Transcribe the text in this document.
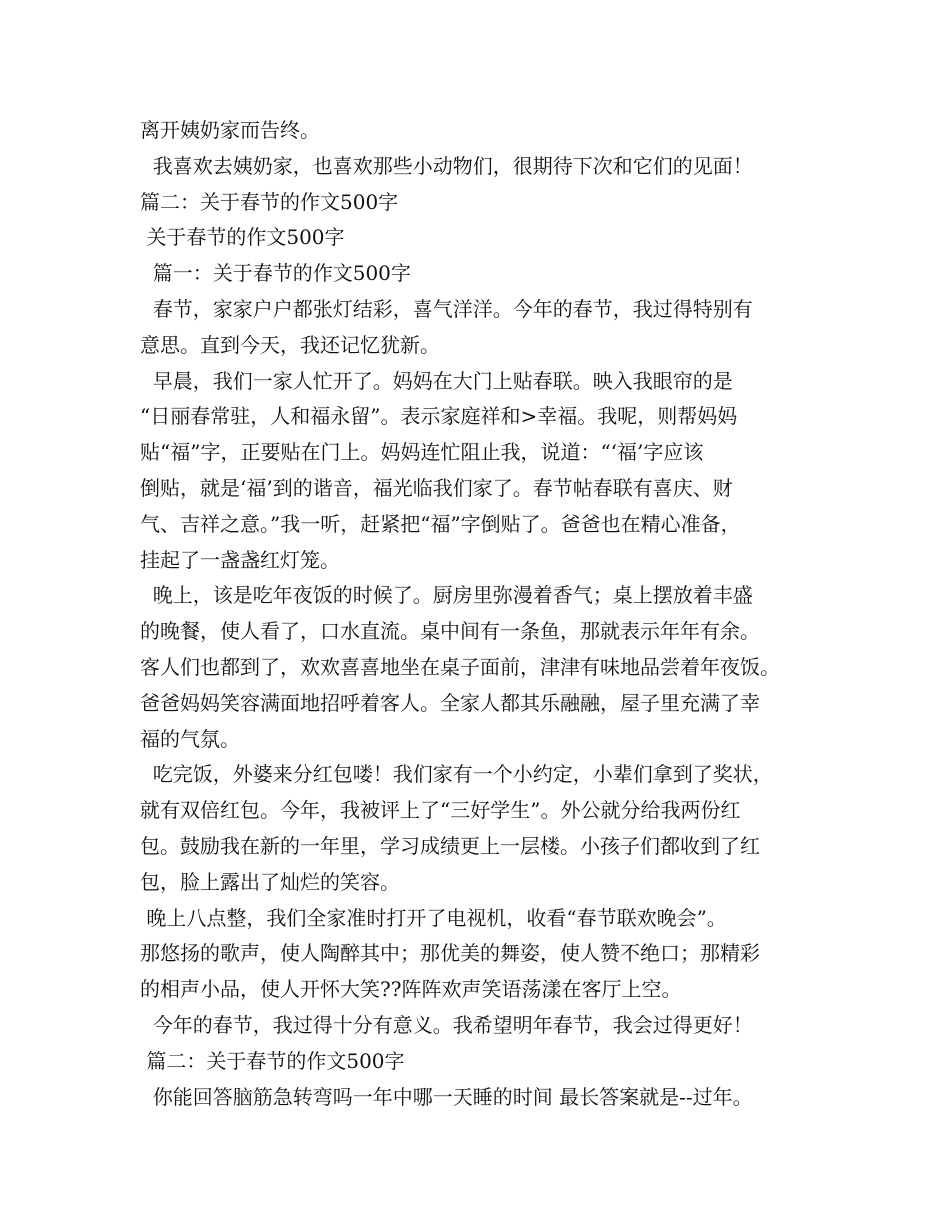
离开姨奶家而告终。
我喜欢去姨奶家，也喜欢那些小动物们，很期待下次和它们的见面！
篇二：关于春节的作文500字
关于春节的作文500字
篇一：关于春节的作文500字
春节，家家户户都张灯结彩，喜气洋洋。今年的春节，我过得特别有
意思。直到今天，我还记忆犹新。
早晨，我们一家人忙开了。妈妈在大门上贴春联。映入我眼帘的是
“日丽春常驻，人和福永留”。表示家庭祥和>幸福。我呢，则帮妈妈
贴“福”字，正要贴在门上。妈妈连忙阻止我，说道：“‘福’字应该
倒贴，就是‘福’到的谐音，福光临我们家了。春节帖春联有喜庆、财
气、吉祥之意。”我一听，赶紧把“福”字倒贴了。爸爸也在精心准备，
挂起了一盏盏红灯笼。
晚上，该是吃年夜饭的时候了。厨房里弥漫着香气；桌上摆放着丰盛
的晚餐，使人看了，口水直流。桌中间有一条鱼，那就表示年年有余。
客人们也都到了，欢欢喜喜地坐在桌子面前，津津有味地品尝着年夜饭。
爸爸妈妈笑容满面地招呼着客人。全家人都其乐融融，屋子里充满了幸
福的气氛。
吃完饭，外婆来分红包喽！我们家有一个小约定，小辈们拿到了奖状，
就有双倍红包。今年，我被评上了“三好学生”。外公就分给我两份红
包。鼓励我在新的一年里，学习成绩更上一层楼。小孩子们都收到了红
包，脸上露出了灿烂的笑容。
晚上八点整，我们全家准时打开了电视机，收看“春节联欢晚会”。
那悠扬的歌声，使人陶醉其中；那优美的舞姿，使人赞不绝口；那精彩
的相声小品，使人开怀大笑??阵阵欢声笑语荡漾在客厅上空。
今年的春节，我过得十分有意义。我希望明年春节，我会过得更好！
篇二：关于春节的作文500字
你能回答脑筋急转弯吗一年中哪一天睡的时间 最长答案就是--过年。
